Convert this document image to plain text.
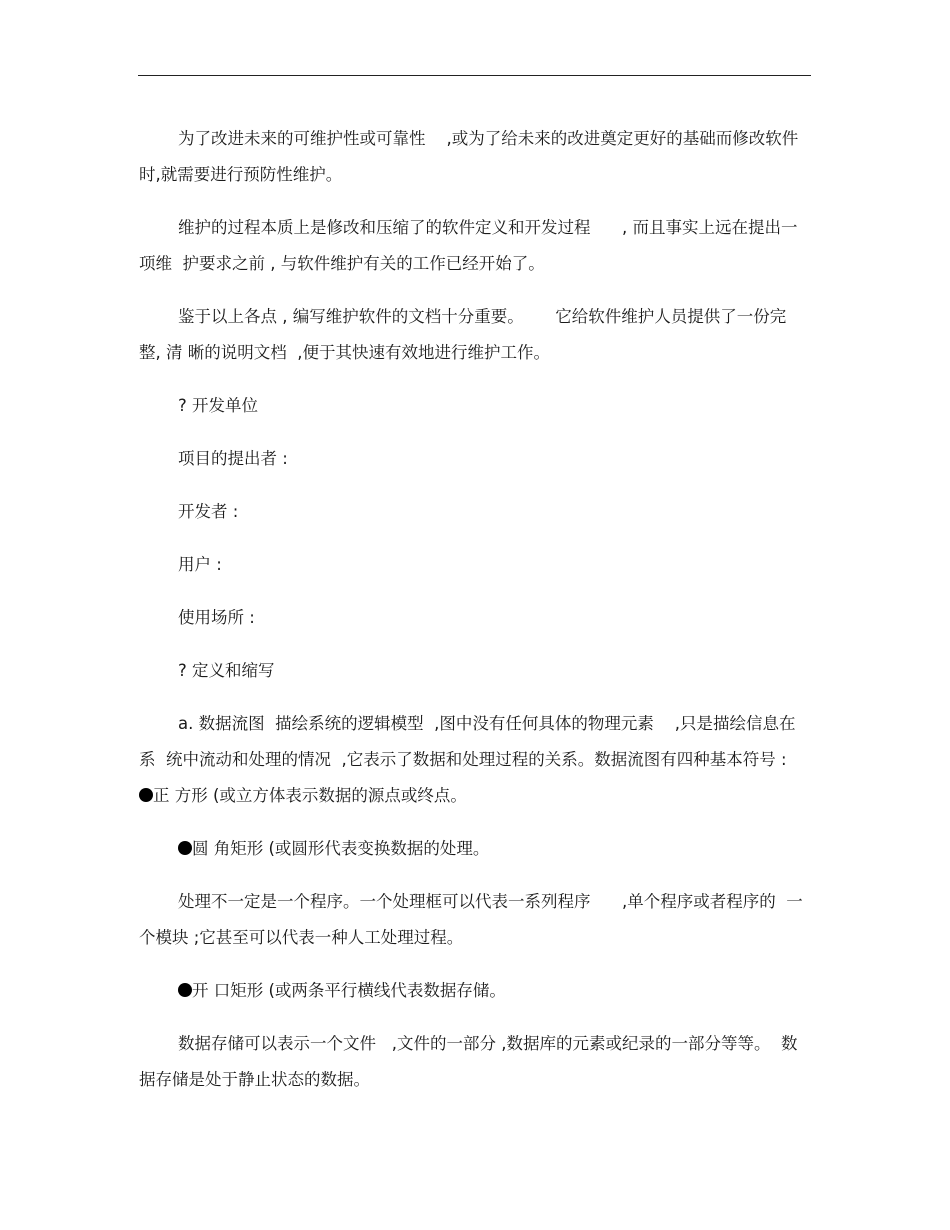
为了改进未来的可维护性或可靠性    ,或为了给未来的改进奠定更好的基础而修改软件  时,就需要进行预防性维护。

维护的过程本质上是修改和压缩了的软件定义和开发过程      , 而且事实上远在提出一项维  护要求之前 , 与软件维护有关的工作已经开始了。

鉴于以上各点 , 编写维护软件的文档十分重要。      它给软件维护人员提供了一份完整, 清 晰的说明文档  ,便于其快速有效地进行维护工作。

? 开发单位

项目的提出者 :

开发者 :

用户 :

使用场所 :

? 定义和缩写

a. 数据流图  描绘系统的逻辑模型  ,图中没有任何具体的物理元素    ,只是描绘信息在系  统中流动和处理的情况  ,它表示了数据和处理过程的关系。数据流图有四种基本符号 : 正 方形 (或立方体表示数据的源点或终点。

圆 角矩形 (或圆形代表变换数据的处理。

处理不一定是一个程序。一个处理框可以代表一系列程序      ,单个程序或者程序的  一个模块 ;它甚至可以代表一种人工处理过程。

开 口矩形 (或两条平行横线代表数据存储。

数据存储可以表示一个文件   ,文件的一部分 ,数据库的元素或纪录的一部分等等。  数据存储是处于静止状态的数据。
